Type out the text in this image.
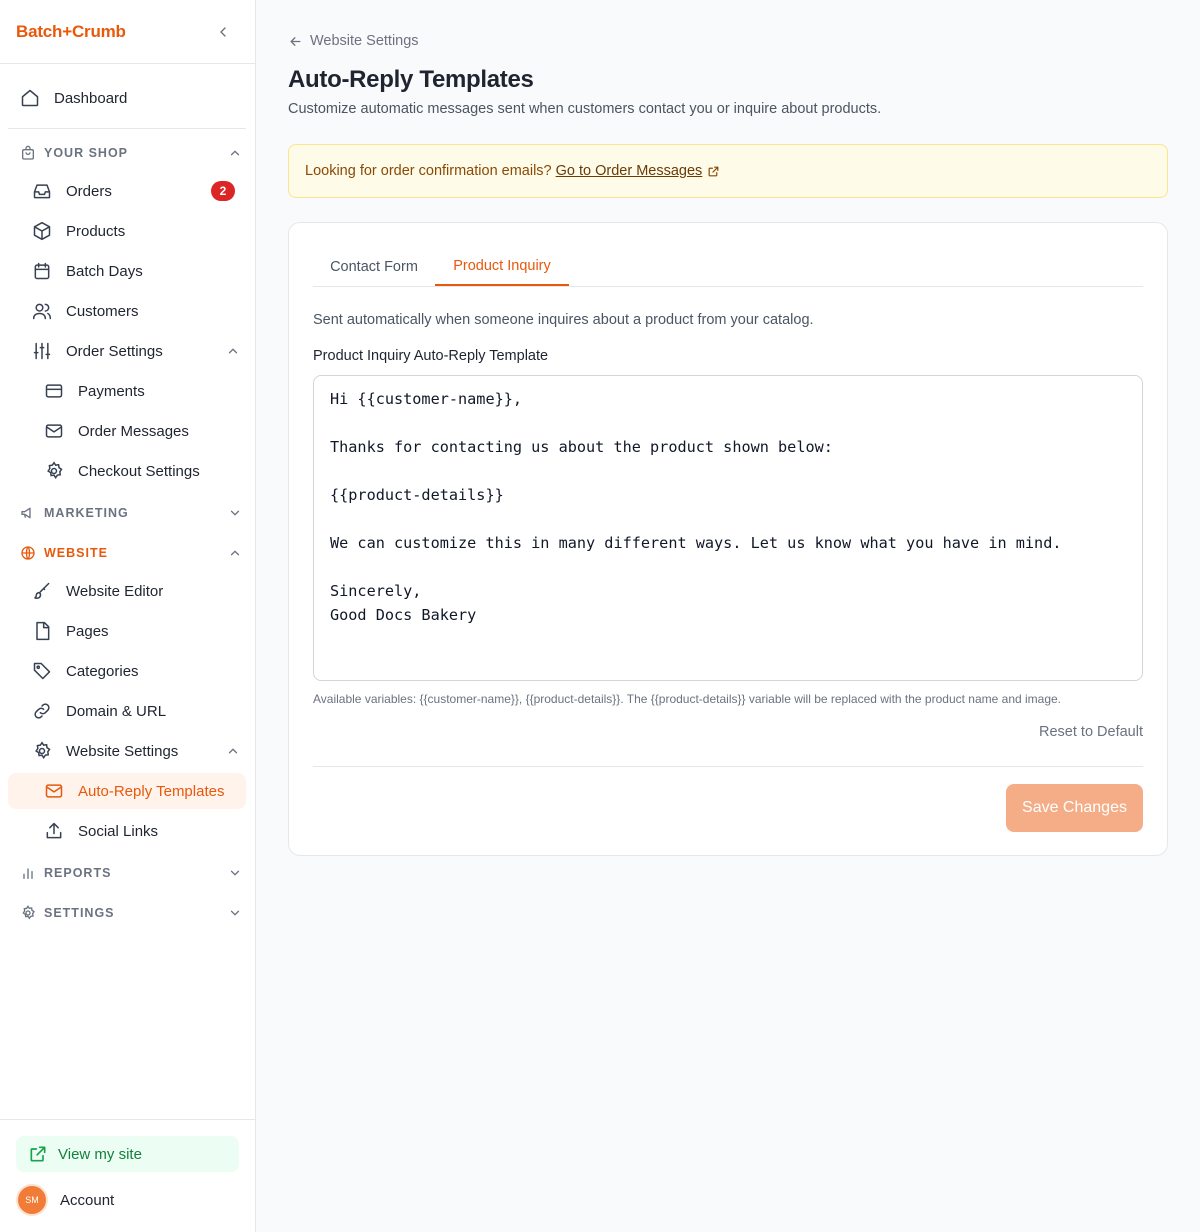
Batch+Crumb
Dashboard
YOUR SHOP
Orders	2
Products
Batch Days
Customers
Order Settings
Payments
Order Messages
Checkout Settings
MARKETING
WEBSITE
Website Editor
Pages
Categories
Domain & URL
Website Settings
Auto-Reply Templates
Social Links
REPORTS
SETTINGS
View my site
SM	Account
Website Settings
Auto-Reply Templates

Customize automatic messages sent when customers contact you or inquire about products.

Looking for order confirmation emails? Go to Order Messages
Contact Form	Product Inquiry

Sent automatically when someone inquires about a product from your catalog.

Product Inquiry Auto-Reply Template
Hi {{customer-name}},

Thanks for contacting us about the product shown below:

{{product-details}}

We can customize this in many different ways. Let us know what you have in mind.

Sincerely,
Good Docs Bakery

Available variables: {{customer-name}}, {{product-details}}. The {{product-details}} variable will be replaced with the product name and image.

Reset to Default
Save Changes
